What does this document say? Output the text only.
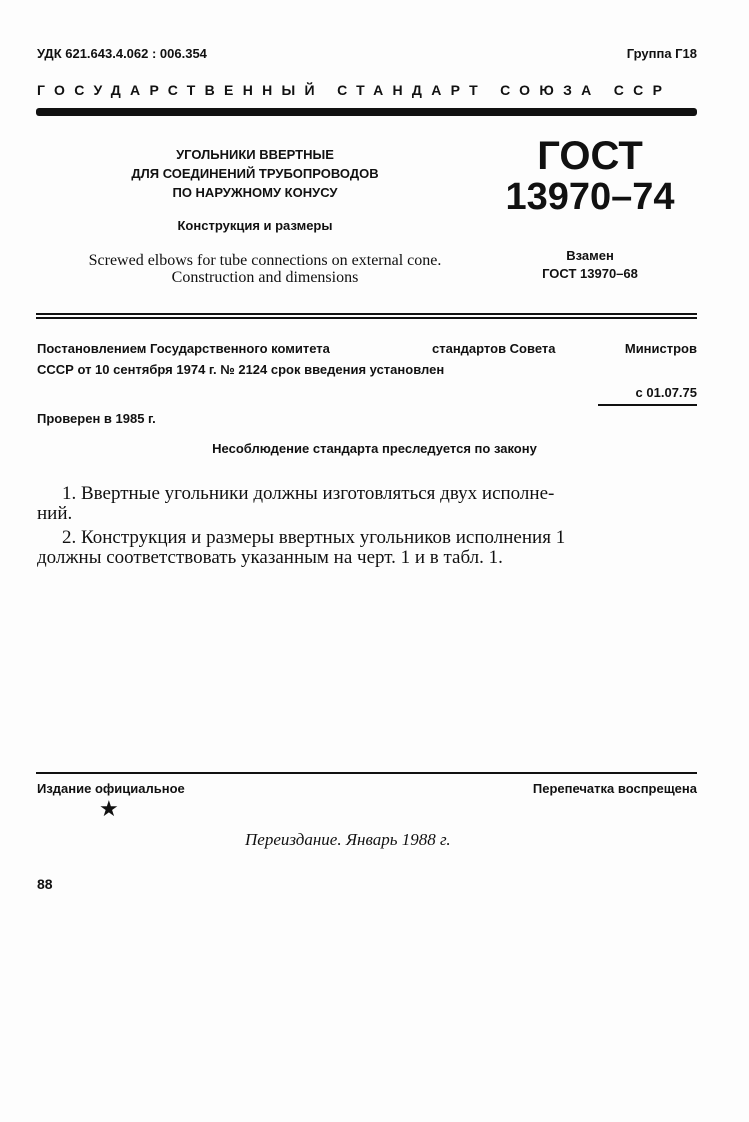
УДК 621.643.4.062 : 006.354	Группа Г18
ГОСУДАРСТВЕННЫЙ СТАНДАРТ СОЮЗА ССР
УГОЛЬНИКИ ВВЕРТНЫЕ
ДЛЯ СОЕДИНЕНИЙ ТРУБОПРОВОДОВ
ПО НАРУЖНОМУ КОНУСУ
Конструкция и размеры
Screwed elbows for tube connections on external cone.
Construction and dimensions
ГОСТ
13970–74
Взамен
ГОСТ 13970–68
Постановлением Государственного комитета	стандартов Совета	Министров
СССР от 10 сентября 1974 г. № 2124 срок введения установлен
с 01.07.75
Проверен в 1985 г.
Несоблюдение стандарта преследуется по закону
1. Ввертные угольники должны изготовляться двух исполне-
ний.
2. Конструкция и размеры ввертных угольников исполнения 1
должны соответствовать указанным на черт. 1 и в табл. 1.
Издание официальное	Перепечатка воспрещена
★
Переиздание. Январь 1988 г.
88
